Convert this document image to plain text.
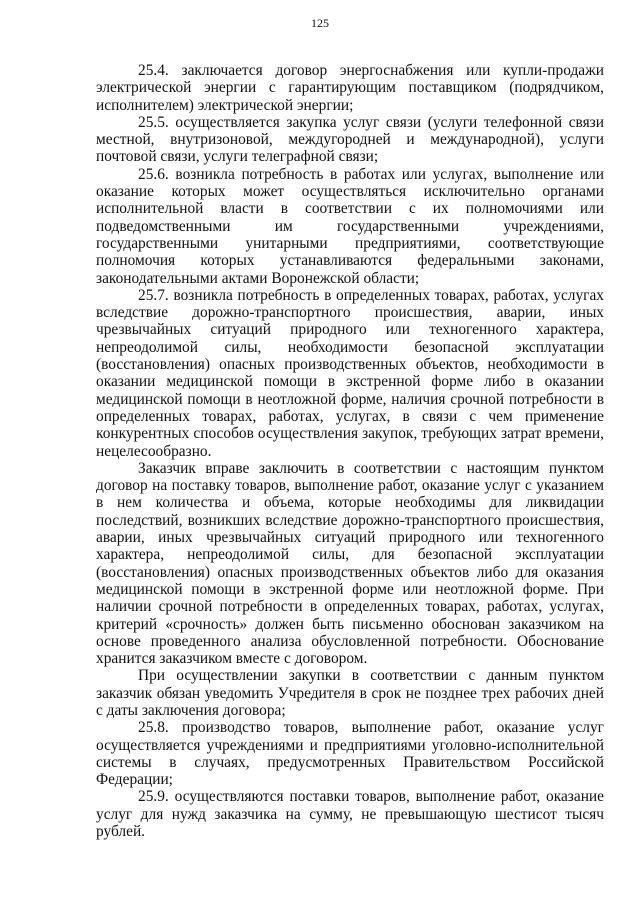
125

25.4. заключается договор энергоснабжения или купли-продажи электрической энергии с гарантирующим поставщиком (подрядчиком, исполнителем) электрической энергии;

25.5. осуществляется закупка услуг связи (услуги телефонной связи местной, внутризоновой, междугородней и международной), услуги почтовой связи, услуги телеграфной связи;

25.6. возникла потребность в работах или услугах, выполнение или оказание которых может осуществляться исключительно органами исполнительной власти в соответствии с их полномочиями или подведомственными им государственными учреждениями, государственными унитарными предприятиями, соответствующие полномочия которых устанавливаются федеральными законами, законодательными актами Воронежской области;

25.7. возникла потребность в определенных товарах, работах, услугах вследствие дорожно-транспортного происшествия, аварии, иных чрезвычайных ситуаций природного или техногенного характера, непреодолимой силы, необходимости безопасной эксплуатации (восстановления) опасных производственных объектов, необходимости в оказании медицинской помощи в экстренной форме либо в оказании медицинской помощи в неотложной форме, наличия срочной потребности в определенных товарах, работах, услугах, в связи с чем применение конкурентных способов осуществления закупок, требующих затрат времени, нецелесообразно.

Заказчик вправе заключить в соответствии с настоящим пунктом договор на поставку товаров, выполнение работ, оказание услуг с указанием в нем количества и объема, которые необходимы для ликвидации последствий, возникших вследствие дорожно-транспортного происшествия, аварии, иных чрезвычайных ситуаций природного или техногенного характера, непреодолимой силы, для безопасной эксплуатации (восстановления) опасных производственных объектов либо для оказания медицинской помощи в экстренной форме или неотложной форме. При наличии срочной потребности в определенных товарах, работах, услугах, критерий «срочность» должен быть письменно обоснован заказчиком на основе проведенного анализа обусловленной потребности. Обоснование хранится заказчиком вместе с договором.

При осуществлении закупки в соответствии с данным пунктом заказчик обязан уведомить Учредителя в срок не позднее трех рабочих дней с даты заключения договора;

25.8. производство товаров, выполнение работ, оказание услуг осуществляется учреждениями и предприятиями уголовно-исполнительной системы в случаях, предусмотренных Правительством Российской Федерации;

25.9. осуществляются поставки товаров, выполнение работ, оказание услуг для нужд заказчика на сумму, не превышающую шестисот тысяч рублей.
